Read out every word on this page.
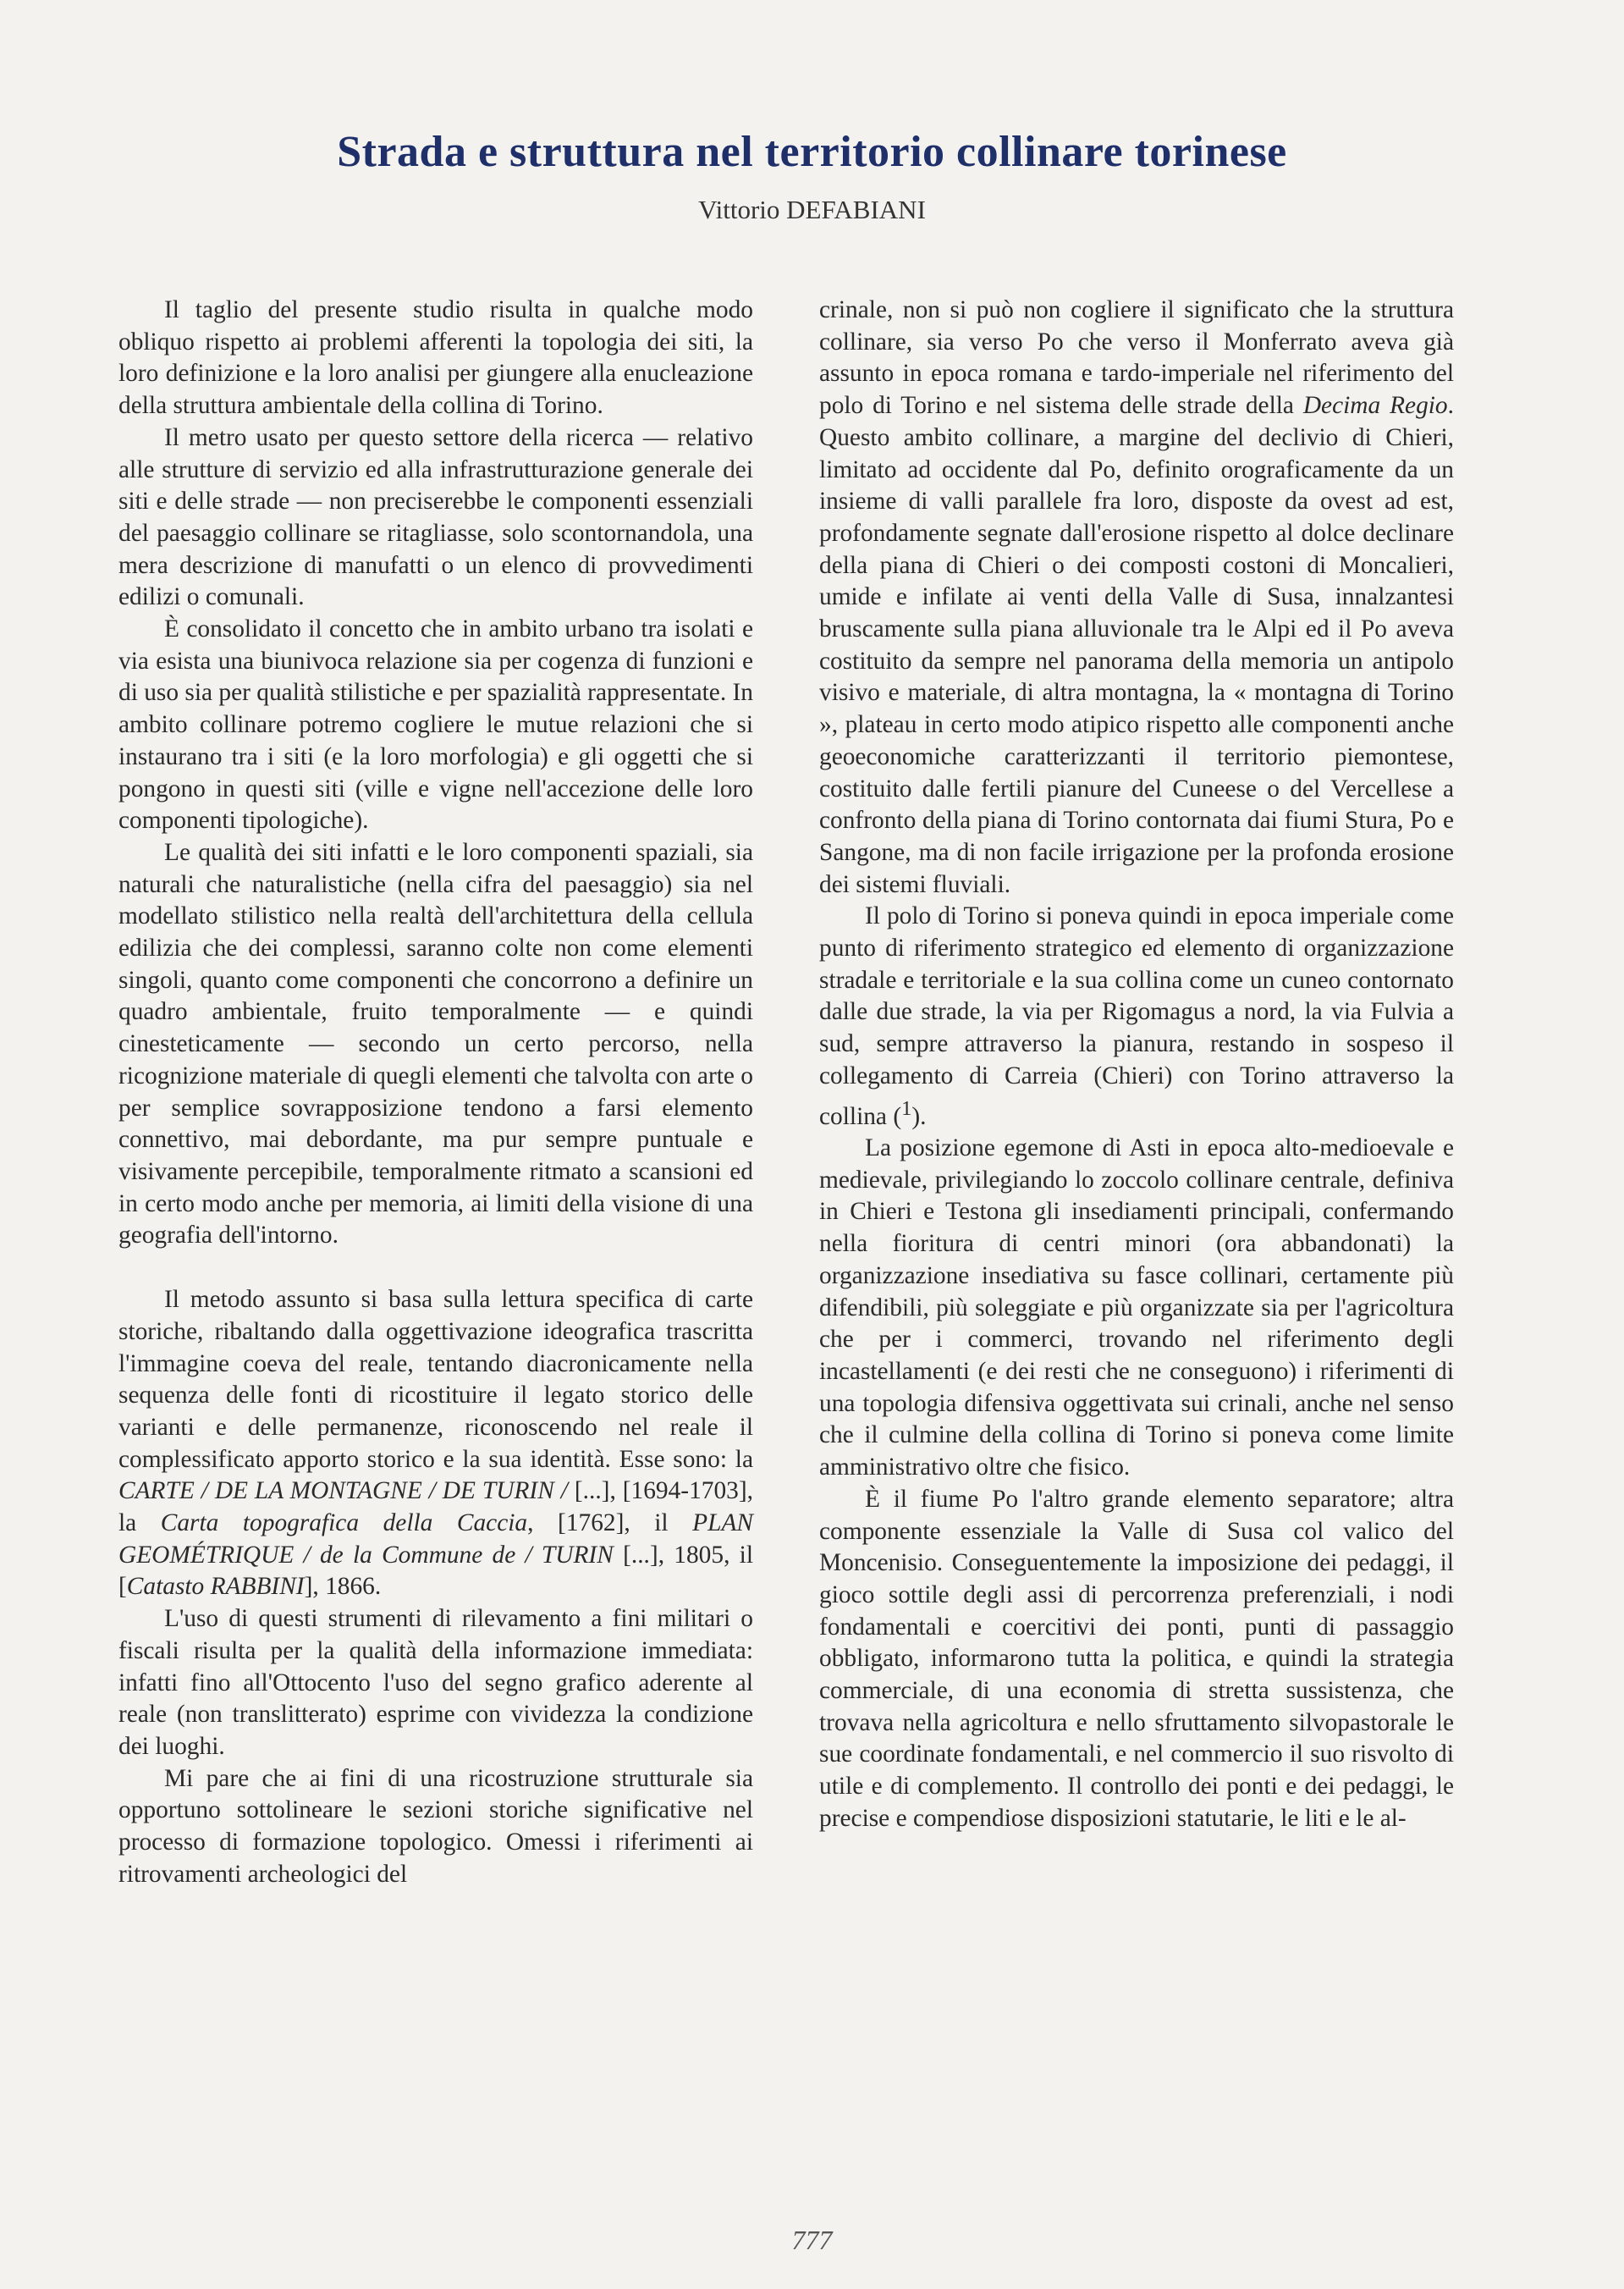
Strada e struttura nel territorio collinare torinese
Vittorio DEFABIANI

Il taglio del presente studio risulta in qualche modo obliquo rispetto ai problemi afferenti la topologia dei siti, la loro definizione e la loro analisi per giungere alla enucleazione della struttura ambientale della collina di Torino.

Il metro usato per questo settore della ricerca — relativo alle strutture di servizio ed alla infrastrutturazione generale dei siti e delle strade — non preciserebbe le componenti essenziali del paesaggio collinare se ritagliasse, solo scontornandola, una mera descrizione di manufatti o un elenco di provvedimenti edilizi o comunali.

È consolidato il concetto che in ambito urbano tra isolati e via esista una biunivoca relazione sia per cogenza di funzioni e di uso sia per qualità stilistiche e per spazialità rappresentate. In ambito collinare potremo cogliere le mutue relazioni che si instaurano tra i siti (e la loro morfologia) e gli oggetti che si pongono in questi siti (ville e vigne nell'accezione delle loro componenti tipologiche).

Le qualità dei siti infatti e le loro componenti spaziali, sia naturali che naturalistiche (nella cifra del paesaggio) sia nel modellato stilistico nella realtà dell'architettura della cellula edilizia che dei complessi, saranno colte non come elementi singoli, quanto come componenti che concorrono a definire un quadro ambientale, fruito temporalmente — e quindi cinesteticamente — secondo un certo percorso, nella ricognizione materiale di quegli elementi che talvolta con arte o per semplice sovrapposizione tendono a farsi elemento connettivo, mai debordante, ma pur sempre puntuale e visivamente percepibile, temporalmente ritmato a scansioni ed in certo modo anche per memoria, ai limiti della visione di una geografia dell'intorno.

Il metodo assunto si basa sulla lettura specifica di carte storiche, ribaltando dalla oggettivazione ideografica trascritta l'immagine coeva del reale, tentando diacronicamente nella sequenza delle fonti di ricostituire il legato storico delle varianti e delle permanenze, riconoscendo nel reale il complessificato apporto storico e la sua identità. Esse sono: la CARTE / DE LA MONTAGNE / DE TURIN / [...], [1694-1703], la Carta topografica della Caccia, [1762], il PLAN GEOMÉTRIQUE / de la Commune de / TURIN [...], 1805, il [Catasto RABBINI], 1866.

L'uso di questi strumenti di rilevamento a fini militari o fiscali risulta per la qualità della informazione immediata: infatti fino all'Ottocento l'uso del segno grafico aderente al reale (non translitterato) esprime con vividezza la condizione dei luoghi.

Mi pare che ai fini di una ricostruzione strutturale sia opportuno sottolineare le sezioni storiche significative nel processo di formazione topologico. Omessi i riferimenti ai ritrovamenti archeologici del

crinale, non si può non cogliere il significato che la struttura collinare, sia verso Po che verso il Monferrato aveva già assunto in epoca romana e tardo-imperiale nel riferimento del polo di Torino e nel sistema delle strade della Decima Regio. Questo ambito collinare, a margine del declivio di Chieri, limitato ad occidente dal Po, definito orograficamente da un insieme di valli parallele fra loro, disposte da ovest ad est, profondamente segnate dall'erosione rispetto al dolce declinare della piana di Chieri o dei composti costoni di Moncalieri, umide e infilate ai venti della Valle di Susa, innalzantesi bruscamente sulla piana alluvionale tra le Alpi ed il Po aveva costituito da sempre nel panorama della memoria un antipolo visivo e materiale, di altra montagna, la « montagna di Torino », plateau in certo modo atipico rispetto alle componenti anche geoeconomiche caratterizzanti il territorio piemontese, costituito dalle fertili pianure del Cuneese o del Vercellese a confronto della piana di Torino contornata dai fiumi Stura, Po e Sangone, ma di non facile irrigazione per la profonda erosione dei sistemi fluviali.

Il polo di Torino si poneva quindi in epoca imperiale come punto di riferimento strategico ed elemento di organizzazione stradale e territoriale e la sua collina come un cuneo contornato dalle due strade, la via per Rigomagus a nord, la via Fulvia a sud, sempre attraverso la pianura, restando in sospeso il collegamento di Carreia (Chieri) con Torino attraverso la collina ($^1$).

La posizione egemone di Asti in epoca alto-medioevale e medievale, privilegiando lo zoccolo collinare centrale, definiva in Chieri e Testona gli insediamenti principali, confermando nella fioritura di centri minori (ora abbandonati) la organizzazione insediativa su fasce collinari, certamente più difendibili, più soleggiate e più organizzate sia per l'agricoltura che per i commerci, trovando nel riferimento degli incastellamenti (e dei resti che ne conseguono) i riferimenti di una topologia difensiva oggettivata sui crinali, anche nel senso che il culmine della collina di Torino si poneva come limite amministrativo oltre che fisico.

È il fiume Po l'altro grande elemento separatore; altra componente essenziale la Valle di Susa col valico del Moncenisio. Conseguentemente la imposizione dei pedaggi, il gioco sottile degli assi di percorrenza preferenziali, i nodi fondamentali e coercitivi dei ponti, punti di passaggio obbligato, informarono tutta la politica, e quindi la strategia commerciale, di una economia di stretta sussistenza, che trovava nella agricoltura e nello sfruttamento silvopastorale le sue coordinate fondamentali, e nel commercio il suo risvolto di utile e di complemento. Il controllo dei ponti e dei pedaggi, le precise e compendiose disposizioni statutarie, le liti e le al-

777
